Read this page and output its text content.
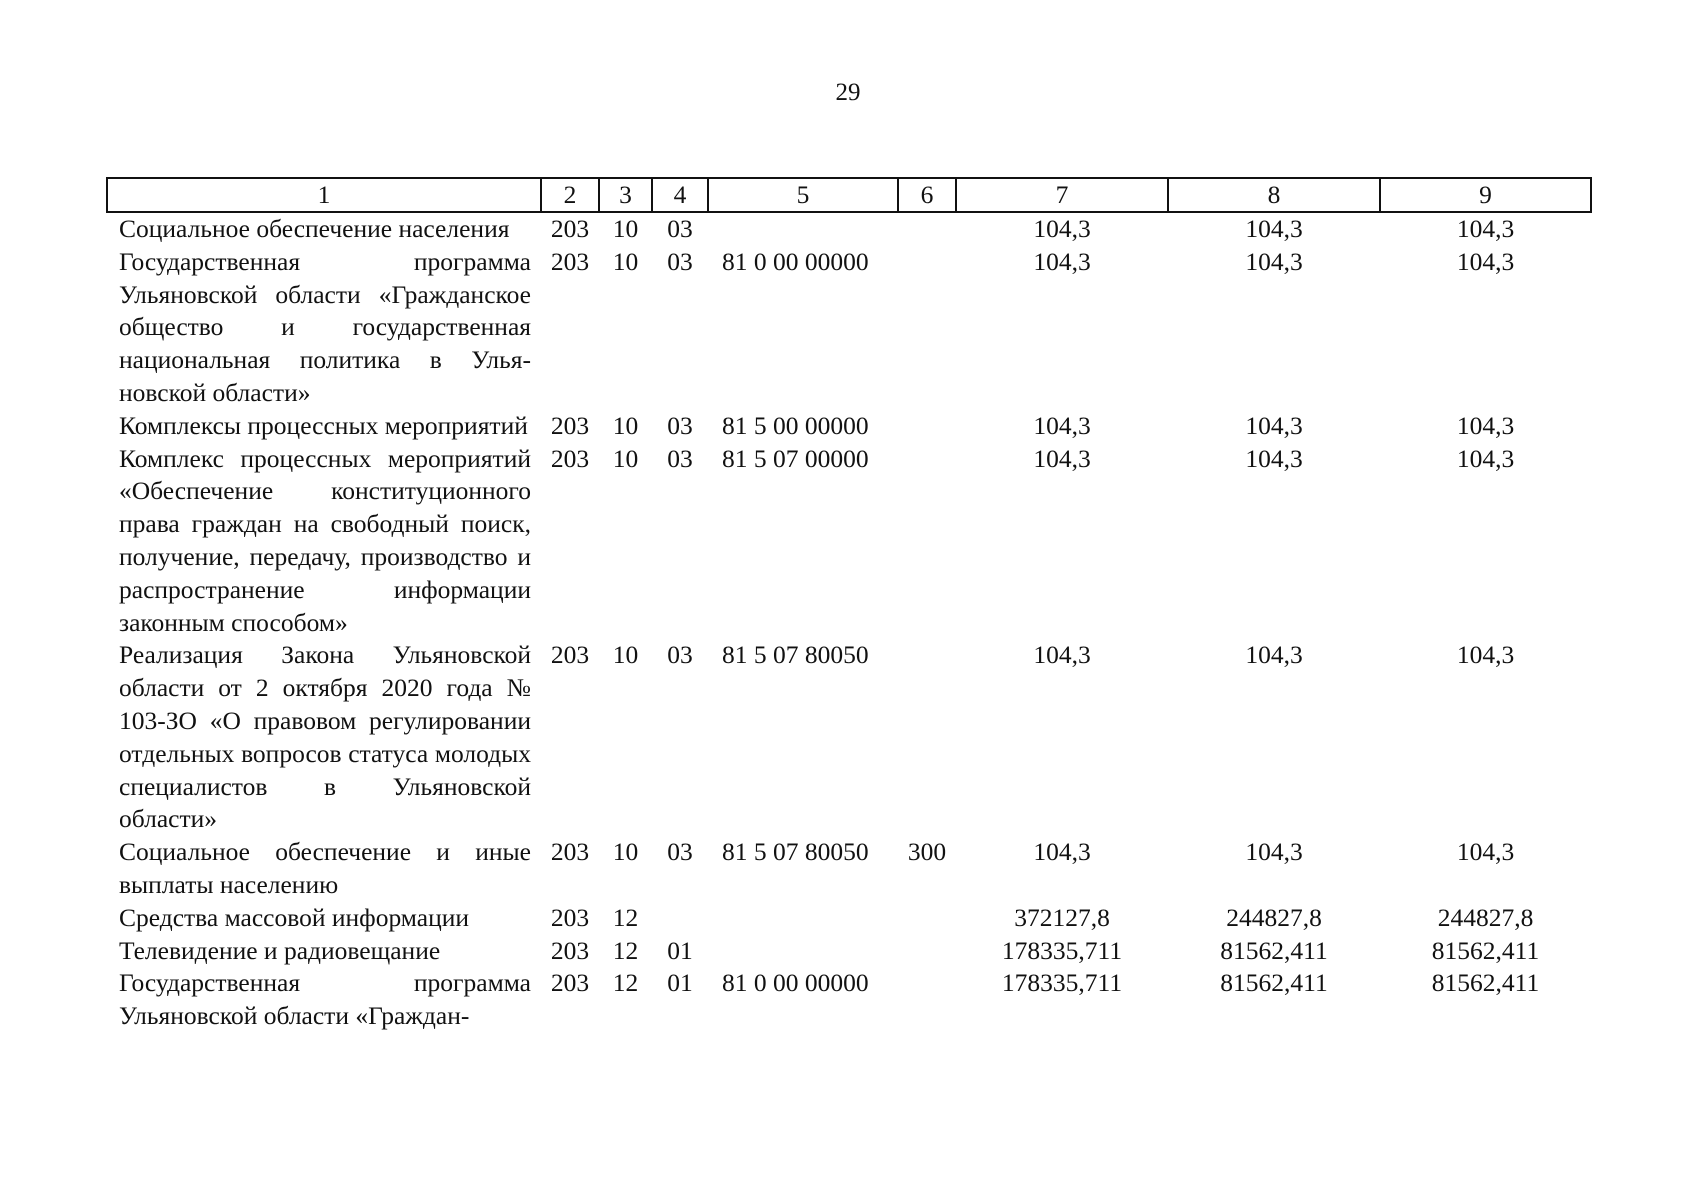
29
1	2	3	4	5	6	7	8	9
Социальное обеспечение населения	203	10	03			104,3	104,3	104,3
Государственная программа Ульяновской области «Гражданское общество и государственная национальная политика в Ульяновской области»	203	10	03	81 0 00 00000		104,3	104,3	104,3
Комплексы процессных мероприятий	203	10	03	81 5 00 00000		104,3	104,3	104,3
Комплекс процессных мероприятий «Обеспечение конституционного права граждан на свободный поиск, получение, передачу, производство и распространение информации законным способом»	203	10	03	81 5 07 00000		104,3	104,3	104,3
Реализация Закона Ульяновской области от 2 октября 2020 года № 103-ЗО «О правовом регулировании отдельных вопросов статуса молодых специалистов в Ульяновской области»	203	10	03	81 5 07 80050		104,3	104,3	104,3
Социальное обеспечение и иные выплаты населению	203	10	03	81 5 07 80050	300	104,3	104,3	104,3
Средства массовой информации	203	12				372127,8	244827,8	244827,8
Телевидение и радиовещание	203	12	01			178335,711	81562,411	81562,411
Государственная программа Ульяновской области «Граждан-	203	12	01	81 0 00 00000		178335,711	81562,411	81562,411
